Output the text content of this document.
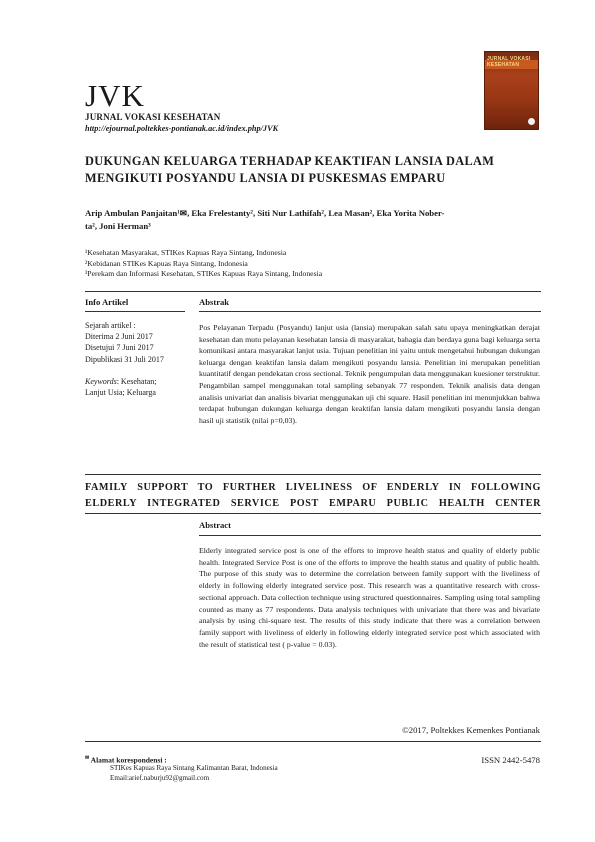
JVK
JURNAL VOKASI KESEHATAN
http://ejournal.poltekkes-pontianak.ac.id/index.php/JVK
JURNAL VOKASI KESEHATAN
DUKUNGAN KELUARGA TERHADAP KEAKTIFAN LANSIA DALAM
MENGIKUTI POSYANDU LANSIA DI PUSKESMAS EMPARU
Arip Ambulan Panjaitan¹✉, Eka Frelestanty², Siti Nur Lathifah², Lea Masan², Eka Yorita Nober-
ta², Joni Herman³
¹Kesehatan Masyarakat, STIKes Kapuas Raya Sintang, Indonesia
²Kebidanan STIKes Kapuas Raya Sintang, Indonesia
³Perekam dan Informasi Kesehatan, STIKes Kapuas Raya Sintang, Indonesia
Info Artikel	Abstrak
Sejarah artikel :
Diterima 2 Juni 2017
Disetujui 7 Juni 2017
Dipublikasi 31 Juli 2017
Keywords: Kesehatan;
Lanjut Usia; Keluarga
Pos Pelayanan Terpadu (Posyandu) lanjut usia (lansia) merupakan salah satu upaya meningkatkan derajat kesehatan dan mutu pelayanan kesehatan lansia di masyarakat, bahagia dan berdaya guna bagi keluarga serta komunikasi antara masyarakat lanjut usia. Tujuan penelitian ini yaitu untuk mengetahui hubungan dukungan keluarga dengan keaktifan lansia dalam mengikuti posyandu lansia. Penelitian ini merupakan penelitian kuantitatif dengan pendekatan cross sectional. Teknik pengumpulan data menggunakan kuesioner terstruktur. Pengambilan sampel menggunakan total sampling sebanyak 77 responden. Teknik analisis data dengan analisis univariat dan analisis bivariat menggunakan uji chi square. Hasil penelitian ini menunjukkan bahwa terdapat hubungan dukungan keluarga dengan keaktifan lansia dalam mengikuti posyandu lansia dengan hasil uji statistik (nilai p=0,03).
FAMILY SUPPORT TO FURTHER LIVELINESS OF ENDERLY IN FOLLOWING
ELDERLY INTEGRATED SERVICE POST EMPARU PUBLIC HEALTH CENTER
Abstract
Elderly integrated service post is one of the efforts to improve health status and quality of elderly public health. Integrated Service Post is one of the efforts to improve the health status and quality of public health. The purpose of this study was to determine the correlation between family support with the liveliness of elderly in following elderly integrated service post. This research was a quantitative research with cross-sectional approach. Data collection technique using structured questionnaires. Sampling using total sampling counted as many as 77 respondents. Data analysis techniques with univariate that there was and bivariate analysis by using chi-square test. The results of this study indicate that there was a correlation between family support with liveliness of elderly in following elderly integrated service post which associated with the result of statistical test ( p-value = 0.03).
©2017, Poltekkes Kemenkes Pontianak
✉ Alamat korespondensi :
STIKes Kapuas Raya Sintang Kalimantan Barat, Indonesia
Email:arief.naburju92@gmail.com
ISSN 2442-5478
